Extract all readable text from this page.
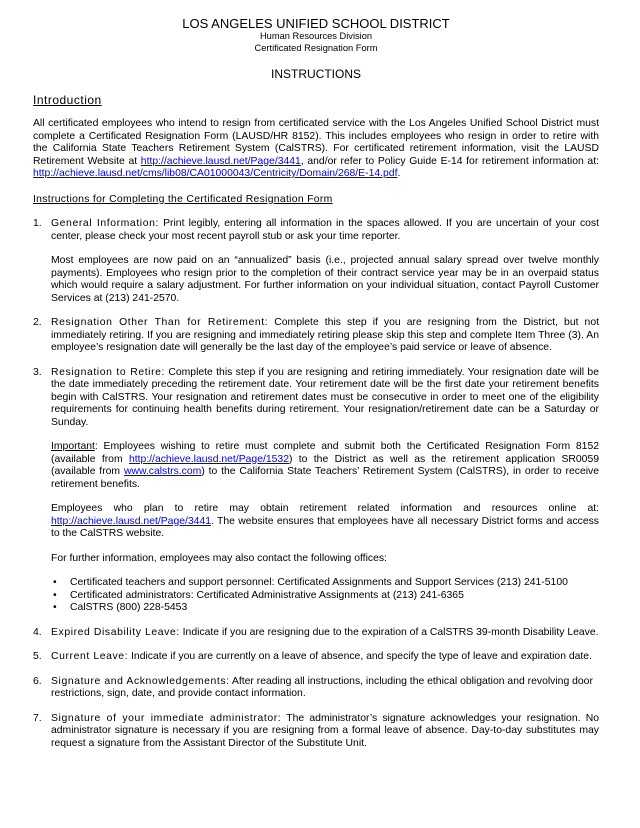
LOS ANGELES UNIFIED SCHOOL DISTRICT
Human Resources Division
Certificated Resignation Form
INSTRUCTIONS
Introduction

All certificated employees who intend to resign from certificated service with the Los Angeles Unified School District must complete a Certificated Resignation Form (LAUSD/HR 8152). This includes employees who resign in order to retire with the California State Teachers Retirement System (CalSTRS). For certificated retirement information, visit the LAUSD Retirement Website at http://achieve.lausd.net/Page/3441, and/or refer to Policy Guide E-14 for retirement information at: http://achieve.lausd.net/cms/lib08/CA01000043/Centricity/Domain/268/E-14.pdf.

Instructions for Completing the Certificated Resignation Form
1. General Information: Print legibly, entering all information in the spaces allowed. If you are uncertain of your cost center, please check your most recent payroll stub or ask your time reporter.

Most employees are now paid on an “annualized” basis (i.e., projected annual salary spread over twelve monthly payments). Employees who resign prior to the completion of their contract service year may be in an overpaid status which would require a salary adjustment. For further information on your individual situation, contact Payroll Customer Services at (213) 241-2570.

2. Resignation Other Than for Retirement: Complete this step if you are resigning from the District, but not immediately retiring. If you are resigning and immediately retiring please skip this step and complete Item Three (3). An employee’s resignation date will generally be the last day of the employee’s paid service or leave of absence.

3. Resignation to Retire: Complete this step if you are resigning and retiring immediately. Your resignation date will be the date immediately preceding the retirement date. Your retirement date will be the first date your retirement benefits begin with CalSTRS. Your resignation and retirement dates must be consecutive in order to meet one of the eligibility requirements for continuing health benefits during retirement. Your resignation/retirement date can be a Saturday or Sunday.

Important: Employees wishing to retire must complete and submit both the Certificated Resignation Form 8152 (available from http://achieve.lausd.net/Page/1532) to the District as well as the retirement application SR0059 (available from www.calstrs.com) to the California State Teachers’ Retirement System (CalSTRS), in order to receive retirement benefits.

Employees who plan to retire may obtain retirement related information and resources online at: http://achieve.lausd.net/Page/3441. The website ensures that employees have all necessary District forms and access to the CalSTRS website.

For further information, employees may also contact the following offices:

• Certificated teachers and support personnel: Certificated Assignments and Support Services (213) 241-5100
• Certificated administrators: Certificated Administrative Assignments at (213) 241-6365
• CalSTRS (800) 228-5453
4. Expired Disability Leave: Indicate if you are resigning due to the expiration of a CalSTRS 39-month Disability Leave.

5. Current Leave: Indicate if you are currently on a leave of absence, and specify the type of leave and expiration date.

6. Signature and Acknowledgements: After reading all instructions, including the ethical obligation and revolving door restrictions, sign, date, and provide contact information.

7. Signature of your immediate administrator: The administrator’s signature acknowledges your resignation. No administrator signature is necessary if you are resigning from a formal leave of absence. Day-to-day substitutes may request a signature from the Assistant Director of the Substitute Unit.
